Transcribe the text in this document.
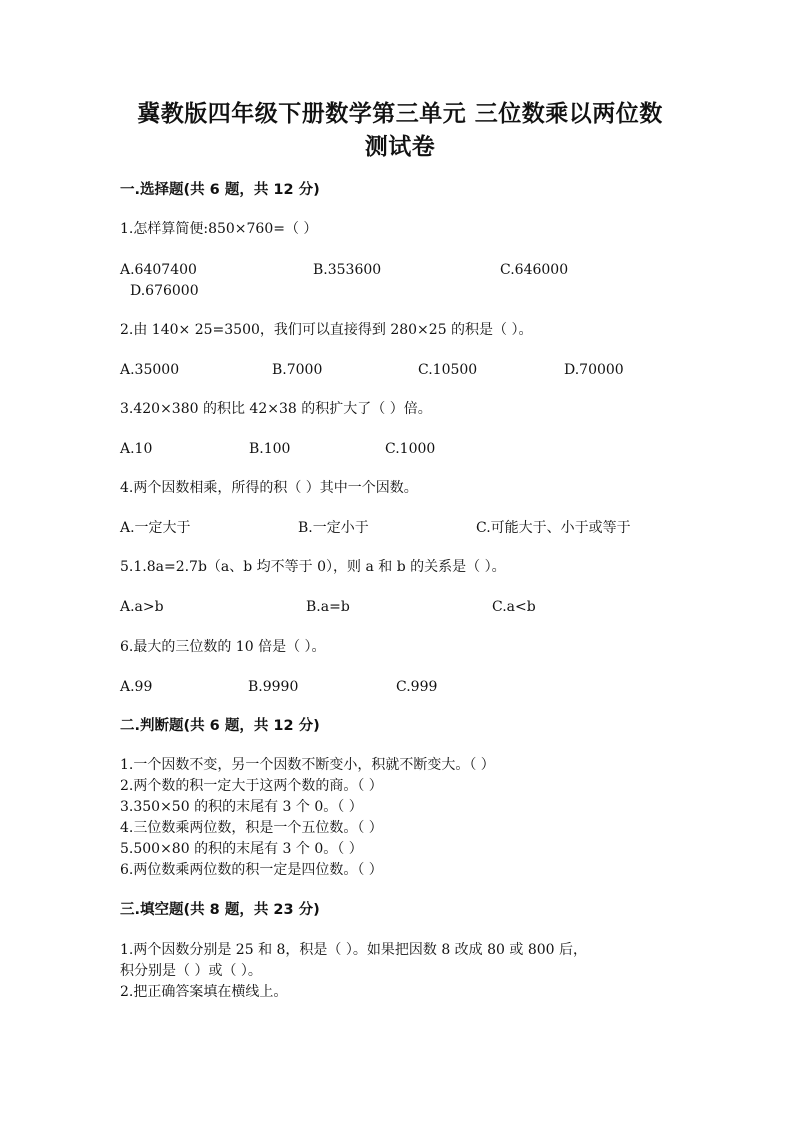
冀教版四年级下册数学第三单元 三位数乘以两位数
测试卷
一.选择题(共 6 题，共 12 分)
1.怎样算简便:850×760=（ ）
A.6407400	B.353600	C.646000
D.676000
2.由 140× 25=3500，我们可以直接得到 280×25 的积是（ ）。
A.35000	B.7000	C.10500	D.70000
3.420×380 的积比 42×38 的积扩大了（ ）倍。
A.10	B.100	C.1000
4.两个因数相乘，所得的积（ ）其中一个因数。
A.一定大于	B.一定小于	C.可能大于、小于或等于
5.1.8a=2.7b（a、b 均不等于 0），则 a 和 b 的关系是（ ）。
A.a>b	B.a=b	C.a<b
6.最大的三位数的 10 倍是（ ）。
A.99	B.9990	C.999
二.判断题(共 6 题，共 12 分)
1.一个因数不变，另一个因数不断变小，积就不断变大。（ ）
2.两个数的积一定大于这两个数的商。（ ）
3.350×50 的积的末尾有 3 个 0。（ ）
4.三位数乘两位数，积是一个五位数。（ ）
5.500×80 的积的末尾有 3 个 0。（ ）
6.两位数乘两位数的积一定是四位数。（ ）
三.填空题(共 8 题，共 23 分)
1.两个因数分别是 25 和 8，积是（ ）。如果把因数 8 改成 80 或 800 后，
积分别是（ ）或（ ）。
2.把正确答案填在横线上。
